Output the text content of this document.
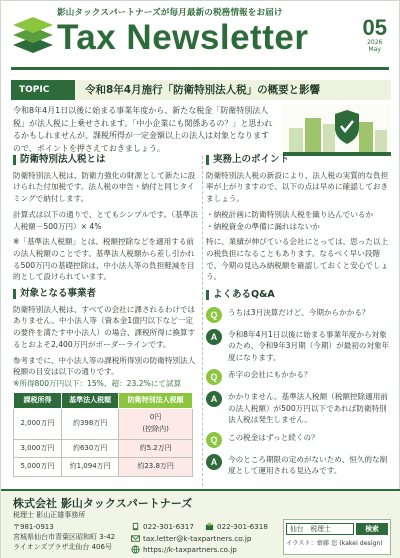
影山タックスパートナーズが毎月最新の税務情報をお届け
Tax Newsletter 05
2026
May
TOPIC	令和8年4月施行「防衛特別法人税」の概要と影響
令和8年4月1日以後に始まる事業年度から、新たな税金「防衛特別法人税」が法人税に上乗せされます。「中小企業にも関係あるの？」と思われるかもしれませんが、課税所得が一定金額以上の法人は対象となりますので、ポイントを押さえておきましょう。
防衛特別法人税とは
防衛特別法人税は、防衛力強化の財源として新たに設けられた付加税です。法人税の申告・納付と同じタイミングで納付します。
計算式は以下の通りで、とてもシンプルです。（基準法人税額－500万円）× 4%
※「基準法人税額」とは、税額控除などを適用する前の法人税額のことです。基準法人税額から差し引かれる500万円の基礎控除は、中小法人等の負担軽減を目的として設けられています。
対象となる事業者
防衛特別法人税は、すべての会社に課されるわけではありません。中小法人等（資本金1億円以下など一定の要件を満たす中小法人）の場合、課税所得に換算するとおよそ2,400万円がボーダーラインです。
参考までに、中小法人等の課税所得別の防衛特別法人税額の目安は以下の通りです。
※所得800万円以下：15%、超：23.2%にて試算
課税所得	基準法人税額	防衛特別法人税額
2,000万円	約398万円	0円
(控除内)
3,000万円	約630万円	約5.2万円
5,000万円	約1,094万円	約23.8万円
実務上のポイント
防衛特別法人税の新設により、法人税の実質的な負担率が上がりますので、以下の点は早めに確認しておきましょう。
・納税計画に防衛特別法人税を織り込んでいるか
・納税資金の準備に漏れはないか
特に、業績が伸びている会社にとっては、思った以上の税負担になることもあります。なるべく早い段階で、今期の見込み納税額を確認しておくと安心でしょう。
よくあるQ&A
Q	うちは3月決算だけど、今期からかかる？
A	令和8年4月1日以後に始まる事業年度から対象のため、令和9年3月期（今期）が最初の対象年度になります。
Q	赤字の会社にもかかる？
A	かかりません。基準法人税額（税額控除適用前の法人税額）が500万円以下であれば防衛特別法人税は発生しません。
Q	この税金はずっと続くの？
A	今のところ期限の定めがないため、恒久的な制度として運用される見込みです。
株式会社 影山タックスパートナーズ
税理士 影山正雄事務所
〒981-0913
宮城県仙台市青葉区昭和町 3-42
ライオンズプラザ北仙台 406号
022-301-6317	022-301-6318
tax.letter@k-taxpartners.co.jp
https://k-taxpartners.co.jp
仙台　税理士	検索
イラスト：齋藤 恣 (kakei design)
